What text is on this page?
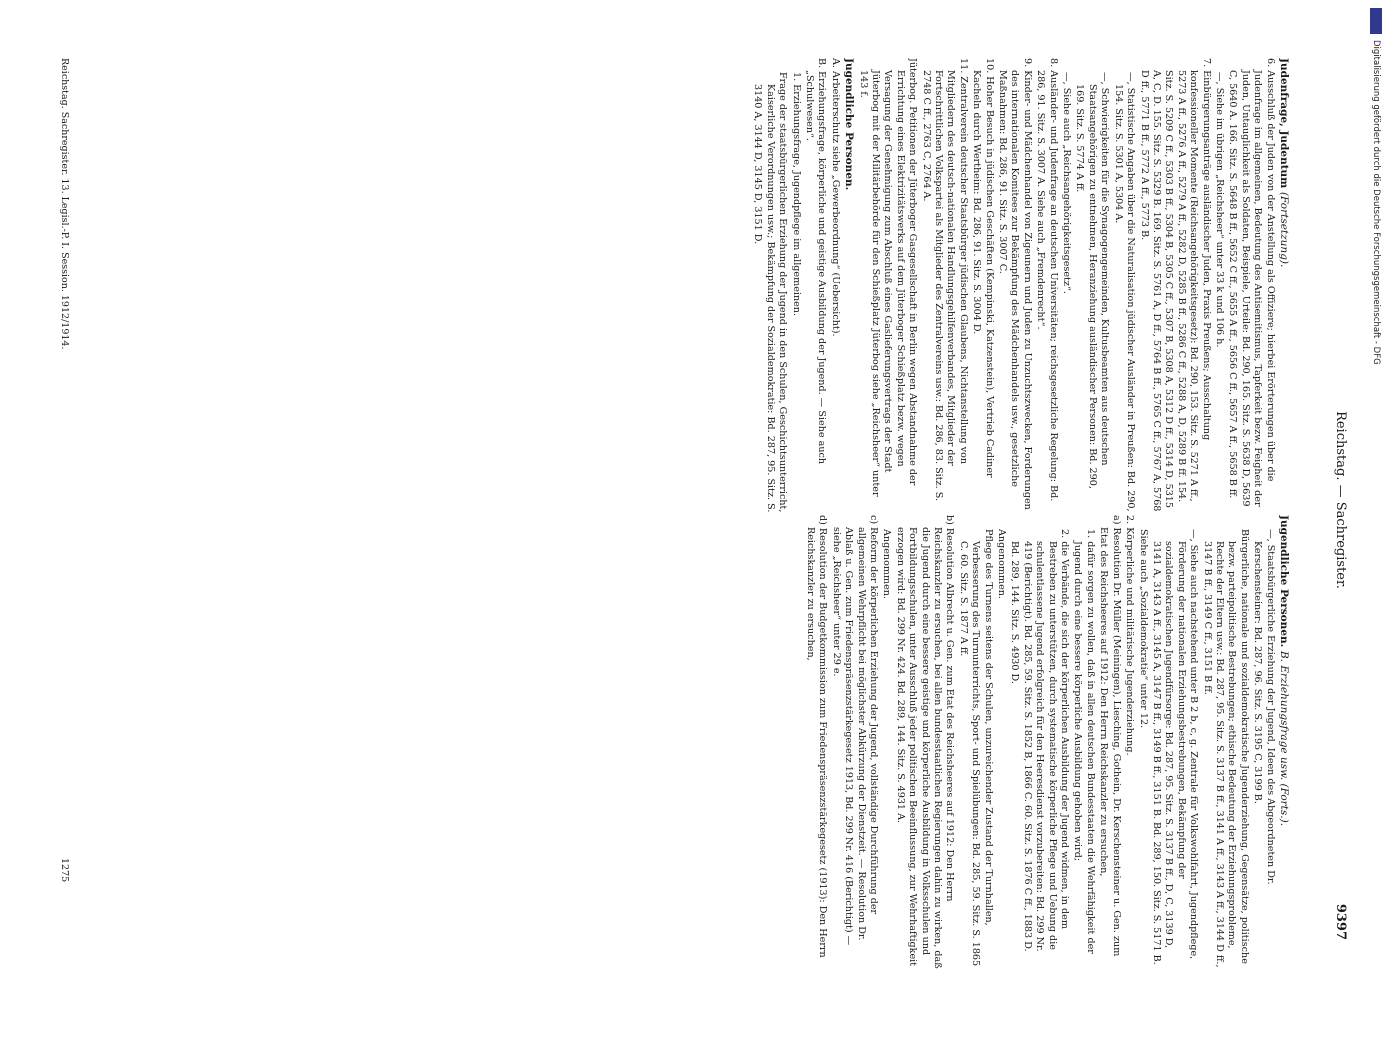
Reichstag. — Sachregister.
9397
Judenfrage, Judentum (Fortsetzung).

6. Ausschluß der Juden von der Anstellung als Offiziere; hierbei Erörterungen über die Judenfrage im allgemeinen, Bedeutung des Antisemitismus, Tapferkeit bezw. Feigheit der Juden, Untauglichkeit als Soldaten, Beispiele, Urteile: Bd. 290, 165. Sitz. S. 5638 D, 5639 C, 5640 A. 166. Sitz. S. 5648 B ff., 5652 C ff., 5655 A ff., 5656 C ff., 5657 A ff., 5658 B ff.

—, Siehe im übrigen „Reichsheer“ unter 33 k und 106 h.

7. Einbürgerungsanträge ausländischer Juden, Praxis Preußens; Ausschaltung konfessioneller Momente (Reichsangehörigkeitsgesetz): Bd. 290, 153. Sitz. S. 5271 A ff., 5273 A ff., 5276 A ff., 5279 A ff., 5282 D, 5285 B ff., 5286 C ff., 5288 A, D, 5289 B ff. 154. Sitz. S. 5209 C ff., 5303 B ff., 5304 B, 5305 C ff., 5307 B, 5308 A, 5312 D ff., 5314 D, 5315 A, C, D. 155. Sitz. S. 5329 B. 169. Sitz. S. 5761 A, D ff., 5764 B ff., 5765 C ff., 5767 A, 5768 D ff., 5771 B ff., 5772 A ff., 5773 B.

—, Statistische Angaben über die Naturalisation jüdischer Ausländer in Preußen: Bd. 290, 154. Sitz. S. 5301 A, 5304 A.

—, Schwierigkeiten für die Synagogengemeinden, Kultusbeamten aus deutschen Staatsangehörigen zu entnehmen, Heranziehung ausländischer Personen: Bd. 290, 169. Sitz. S. 5774 A ff.

—, Siehe auch „Reichsangehörigkeitsgesetz“.

8. Ausländer- und Judenfrage an deutschen Universitäten; reichsgesetzliche Regelung: Bd. 286, 91. Sitz. S. 3007 A. Siehe auch „Fremdenrecht“.

9. Kinder- und Mädchenhandel von Zigeunern und Juden zu Unzuchtszwecken, Forderungen des internationalen Komitees zur Bekämpfung des Mädchenhandels usw., gesetzliche Maßnahmen: Bd. 286, 91. Sitz. S. 3007 C.

10. Hoher Besuch in jüdischen Geschäften (Kempinski, Katzenstein), Vertrieb Cadiner Kacheln durch Wertheim: Bd. 286, 91. Sitz. S. 3004 D.

11. Zentralverein deutscher Staatsbürger jüdischen Glaubens, Nichtanstellung von Mitgliedern des deutsch-nationalen Handlungsgehilfenverbandes, Mitglieder der Fortschrittlichen Volkspartei als Mitglieder des Zentralvereins usw.: Bd. 286, 83. Sitz. S. 2748 C ff., 2763 C, 2764 A.

Jüterbog. Petitionen der Jüterboger Gasgesellschaft in Berlin wegen Abstandnahme der Errichtung eines Elektrizitätswerks auf dem Jüterboger Schießplatz bezw. wegen Versagung der Genehmigung zum Abschluß eines Gaslieferungsvertrags der Stadt Jüterbog mit der Militärbehörde für den Schießplatz Jüterbog siehe „Reichsheer“ unter 143 f.

Jugendliche Personen.

A. Arbeiterschutz siehe „Gewerbeordnung“ (Uebersicht).

B. Erziehungsfrage, körperliche und geistige Ausbildung der Jugend. — Siehe auch „Schulwesen“.

1. Erziehungsfrage, Jugendpflege im allgemeinen.

Frage der staatsbürgerlichen Erziehung der Jugend in den Schulen, Geschichtsunterricht, Kaiserliche Verordnungen usw.; Bekämpfung der Sozialdemokratie: Bd. 287, 95. Sitz. S. 3140 A, 3144 D, 3145 D, 3151 D.

Jugendliche Personen. B. Erziehungsfrage usw. (Forts.).

—, Staatsbürgerliche Erziehung der Jugend, Ideen des Abgeordneten Dr. Kerschensteiner: Bd. 287, 96. Sitz. S. 3195 C, 3199 B.

Bürgerliche, nationale und sozialdemokratische Jugenderziehung, Gegensätze, politische bezw. parteipolitische Bestrebungen; ethische Bedeutung der Erziehungsprobleme, Rechte der Eltern usw.: Bd. 287, 95. Sitz. S. 3137 B ff., 3141 A ff., 3143 A ff., 3144 D ff., 3147 B ff., 3149 C ff., 3151 B ff.

—, Siehe auch nachstehend unter B 2 b, c, g. Zentrale für Volkswohlfahrt, Jugendpflege, Förderung der nationalen Erziehungsbestrebungen, Bekämpfung der sozialdemokratischen Jugendfürsorge: Bd. 287, 95. Sitz. S. 3137 B ff., D, C, 3139 D, 3141 A, 3143 A ff., 3145 A, 3147 B ff., 3149 B ff., 3151 B. Bd. 289, 150. Sitz. S. 5171 B.

Siehe auch „Sozialdemokratie“ unter 12.

2. Körperliche und militärische Jugenderziehung.

a) Resolution Dr. Müller (Meiningen), Liesching, Gothein, Dr. Kerschensteiner u. Gen. zum Etat des Reichsheeres auf 1912: Den Herrn Reichskanzler zu ersuchen,

1. dafür sorgen zu wollen, daß in allen deutschen Bundesstaaten die Wehrfähigkeit der Jugend durch eine bessere körperliche Ausbildung gehoben wird;

2. die Verbände, die sich der körperlichen Ausbildung der Jugend widmen, in dem Bestreben zu unterstützen, durch systematische körperliche Pflege und Uebung die schulentlassene Jugend erfolgreich für den Heeresdienst vorzubereiten: Bd. 299 Nr. 419 (Berichtigt). Bd. 285, 59. Sitz. S. 1852 B, 1866 C. 60. Sitz. S. 1876 C ff., 1883 D. Bd. 289, 144. Sitz. S. 4930 D.

Angenommen.

Pflege des Turnens seitens der Schulen, unzureichender Zustand der Turnhallen, Verbesserung des Turnunterrichts, Sport- und Spielübungen: Bd. 285, 59. Sitz. S. 1865 C. 60. Sitz. S. 1877 A ff.

b) Resolution Albrecht u. Gen. zum Etat des Reichsheeres auf 1912: Den Herrn Reichskanzler zu ersuchen, bei allen bundesstaatlichen Regierungen dahin zu wirken, daß die Jugend durch eine bessere geistige und körperliche Ausbildung in Volksschulen und Fortbildungsschulen, unter Ausschluß jeder politischen Beeinflussung, zur Wehrhaftigkeit erzogen wird: Bd. 299 Nr. 424. Bd. 289, 144. Sitz. S. 4931 A.

Angenommen.

c) Reform der körperlichen Erziehung der Jugend, vollständige Durchführung der allgemeinen Wehrpflicht bei möglichster Abkürzung der Dienstzeit. — Resolution Dr. Ablaß u. Gen. zum Friedenspräsenzstärkegesetz 1913, Bd. 299 Nr. 416 (Berichtigt) — siehe „Reichsheer“ unter 29 e.

d) Resolution der Budgetkommission zum Friedenspräsenzstärkegesetz (1913): Den Herrn Reichskanzler zu ersuchen,

Reichstag. Sachregister. 13. Legisl.-P. I. Session. 1912/1914.
1275
Digitalisierung gefördert durch die Deutsche Forschungsgemeinschaft - DFG
